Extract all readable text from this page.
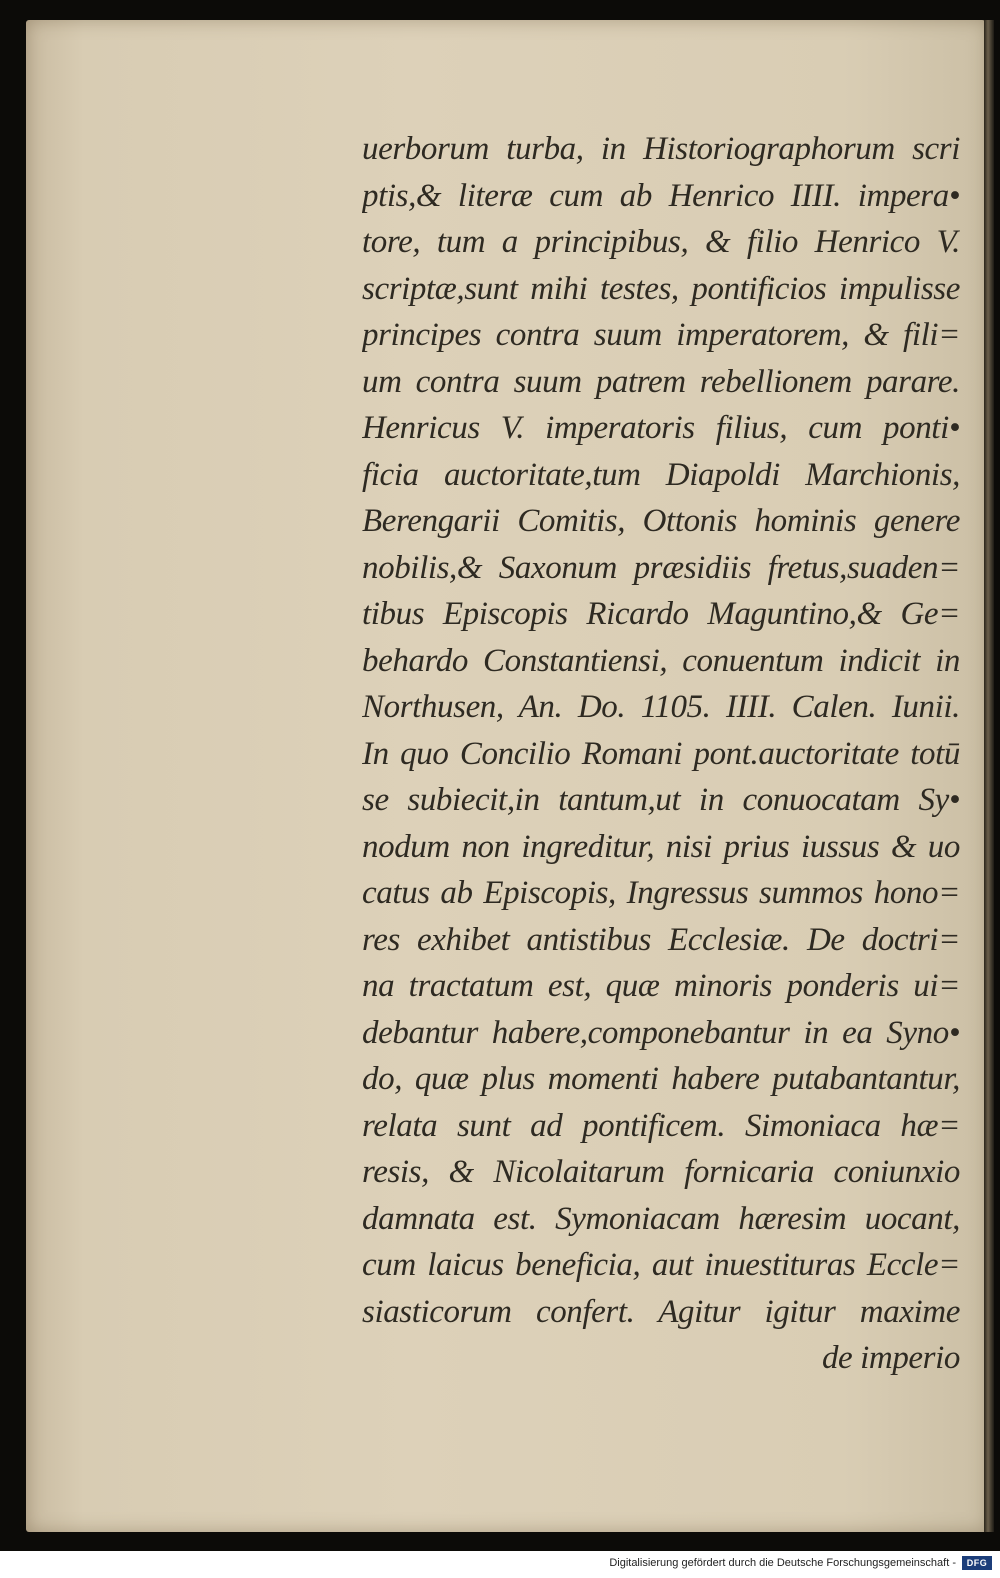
uerborum turba, in Historiographorum scri
ptis,& literæ cum ab Henrico IIII. impera•
tore, tum a principibus, & filio Henrico V.
scriptæ,sunt mihi testes, pontificios impulisse
principes contra suum imperatorem, & fili=
um contra suum patrem rebellionem parare.
Henricus V. imperatoris filius, cum ponti•
ficia auctoritate,tum Diapoldi Marchionis,
Berengarii Comitis, Ottonis hominis genere
nobilis,& Saxonum præsidiis fretus,suaden=
tibus Episcopis Ricardo Maguntino,& Ge=
behardo Constantiensi, conuentum indicit in
Northusen, An. Do. 1105. IIII. Calen. Iunii.
In quo Concilio Romani pont.auctoritate totū
se subiecit,in tantum,ut in conuocatam Sy•
nodum non ingreditur, nisi prius iussus & uo
catus ab Episcopis, Ingressus summos hono=
res exhibet antistibus Ecclesiæ. De doctri=
na tractatum est, quæ minoris ponderis ui=
debantur habere,componebantur in ea Syno•
do, quæ plus momenti habere putabantantur,
relata sunt ad pontificem. Simoniaca hæ=
resis, & Nicolaitarum fornicaria coniunxio
damnata est. Symoniacam hæresim uocant,
cum laicus beneficia, aut inuestituras Eccle=
siasticorum confert. Agitur igitur maxime
de imperio
Digitalisierung gefördert durch die Deutsche Forschungsgemeinschaft -	DFG
